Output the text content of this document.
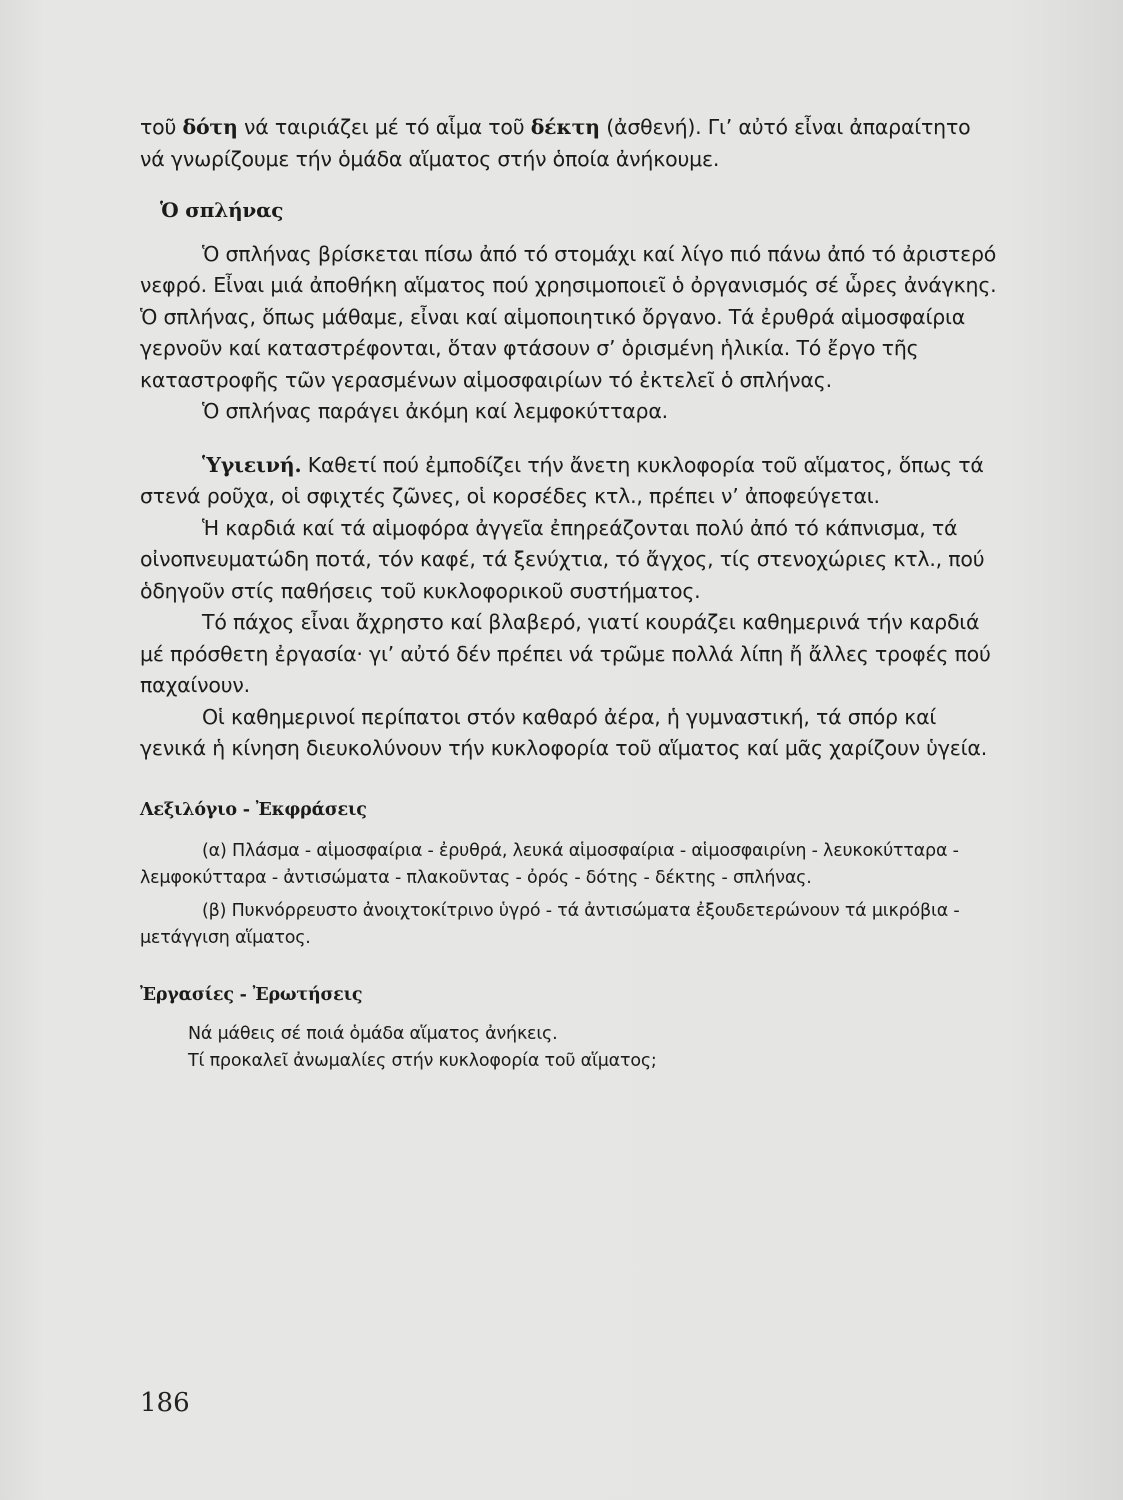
τοῦ δότη νά ταιριάζει μέ τό αἷμα τοῦ δέκτη (ἀσθενή). Γι’ αὐτό εἶναι ἀπαραίτητο νά γνωρίζουμε τήν ὁμάδα αἵματος στήν ὁποία ἀνήκουμε.

Ὁ σπλήνας

Ὁ σπλήνας βρίσκεται πίσω ἀπό τό στομάχι καί λίγο πιό πάνω ἀπό τό ἀριστερό νεφρό. Εἶναι μιά ἀποθήκη αἵματος πού χρησιμοποιεῖ ὁ ὀργανισμός σέ ὧρες ἀνάγκης. Ὁ σπλήνας, ὅπως μάθαμε, εἶναι καί αἱμοποιητικό ὄργανο. Τά ἐρυθρά αἱμοσφαίρια γερνοῦν καί καταστρέφονται, ὅταν φτάσουν σ’ ὁρισμένη ἡλικία. Τό ἔργο τῆς καταστροφῆς τῶν γερασμένων αἱμοσφαιρίων τό ἐκτελεῖ ὁ σπλήνας.

Ὁ σπλήνας παράγει ἀκόμη καί λεμφοκύτταρα.

Ὑγιεινή. Καθετί πού ἐμποδίζει τήν ἄνετη κυκλοφορία τοῦ αἵματος, ὅπως τά στενά ροῦχα, οἱ σφιχτές ζῶνες, οἱ κορσέδες κτλ., πρέπει ν’ ἀποφεύγεται.

Ἡ καρδιά καί τά αἱμοφόρα ἀγγεῖα ἐπηρεάζονται πολύ ἀπό τό κάπνισμα, τά οἰνοπνευματώδη ποτά, τόν καφέ, τά ξενύχτια, τό ἄγχος, τίς στενοχώριες κτλ., πού ὁδηγοῦν στίς παθήσεις τοῦ κυκλοφορικοῦ συστήματος.

Τό πάχος εἶναι ἄχρηστο καί βλαβερό, γιατί κουράζει καθημερινά τήν καρδιά μέ πρόσθετη ἐργασία· γι’ αὐτό δέν πρέπει νά τρῶμε πολλά λίπη ἤ ἄλλες τροφές πού παχαίνουν.

Οἱ καθημερινοί περίπατοι στόν καθαρό ἀέρα, ἡ γυμναστική, τά σπόρ καί γενικά ἡ κίνηση διευκολύνουν τήν κυκλοφορία τοῦ αἵματος καί μᾶς χαρίζουν ὑγεία.

Λεξιλόγιο - Ἐκφράσεις

(α) Πλάσμα - αἱμοσφαίρια - ἐρυθρά, λευκά αἱμοσφαίρια - αἱμοσφαιρίνη - λευκοκύτταρα - λεμφοκύτταρα - ἀντισώματα - πλακοῦντας - ὀρός - δότης - δέκτης - σπλήνας.

(β) Πυκνόρρευστο ἀνοιχτοκίτρινο ὑγρό - τά ἀντισώματα ἐξουδετερώνουν τά μικρόβια - μετάγγιση αἵματος.

Ἐργασίες - Ἐρωτήσεις

Νά μάθεις σέ ποιά ὁμάδα αἵματος ἀνήκεις.

Τί προκαλεῖ ἀνωμαλίες στήν κυκλοφορία τοῦ αἵματος;

186
